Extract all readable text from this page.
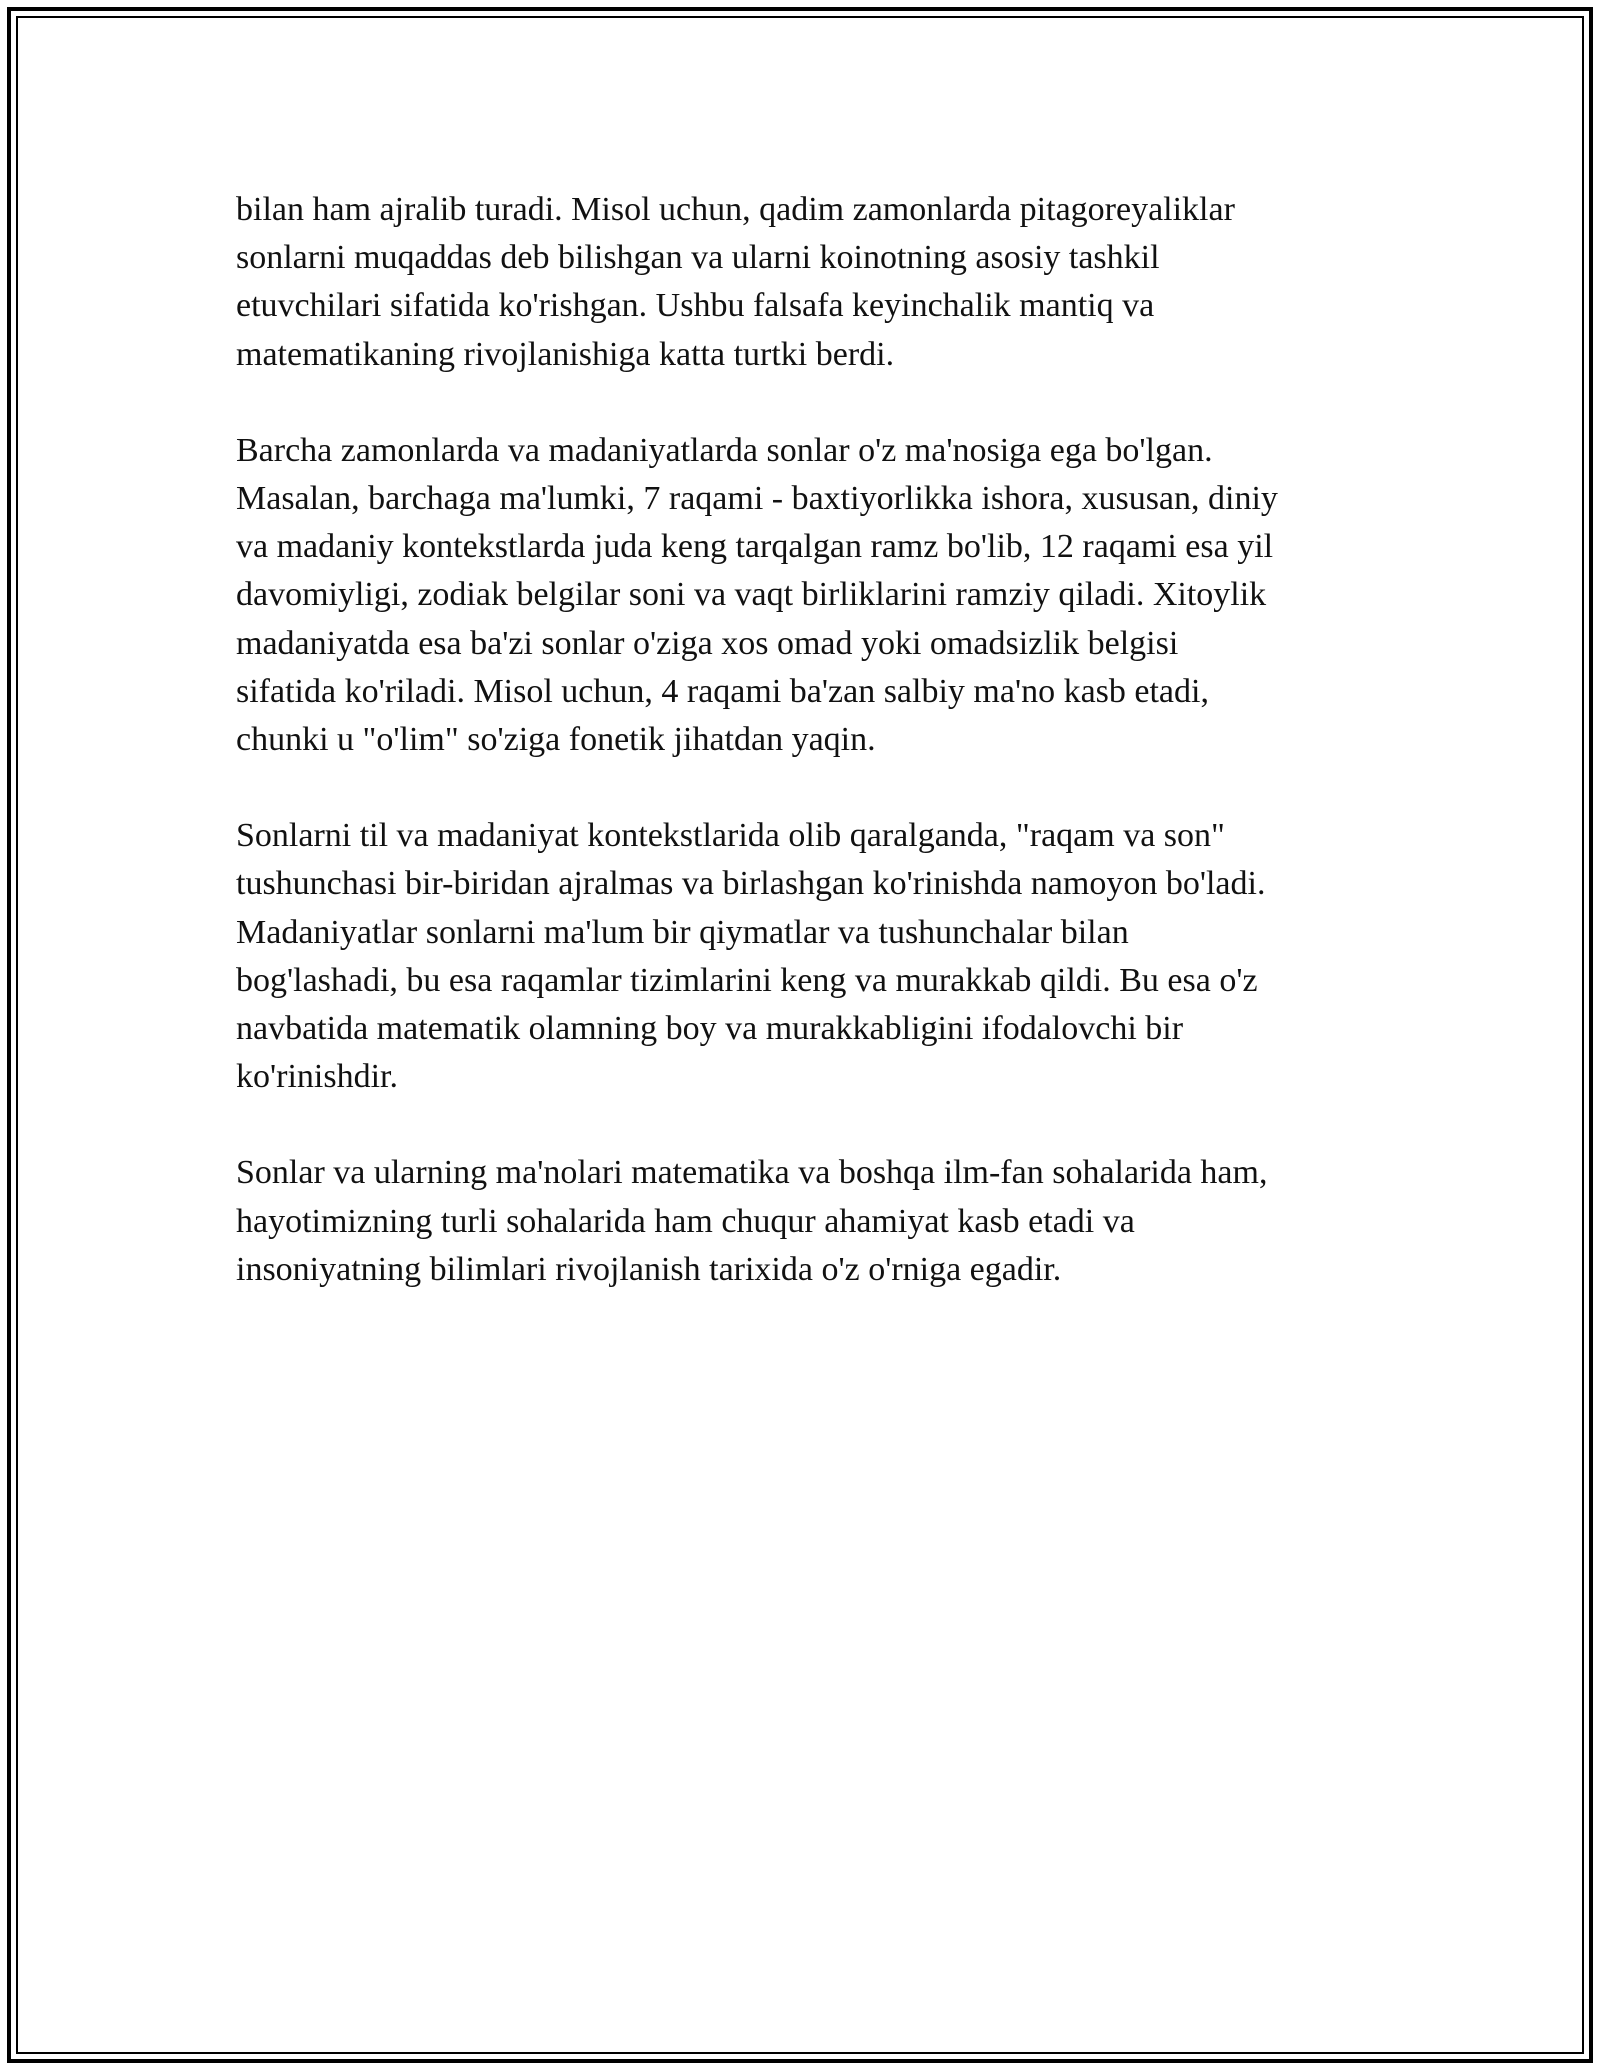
bilan ham ajralib turadi. Misol uchun, qadim zamonlarda pitagoreyaliklar
sonlarni muqaddas deb bilishgan va ularni koinotning asosiy tashkil
etuvchilari sifatida ko'rishgan. Ushbu falsafa keyinchalik mantiq va
matematikaning rivojlanishiga katta turtki berdi.

Barcha zamonlarda va madaniyatlarda sonlar o'z ma'nosiga ega bo'lgan.
Masalan, barchaga ma'lumki, 7 raqami - baxtiyorlikka ishora, xususan, diniy
va madaniy kontekstlarda juda keng tarqalgan ramz bo'lib, 12 raqami esa yil
davomiyligi, zodiak belgilar soni va vaqt birliklarini ramziy qiladi. Xitoylik
madaniyatda esa ba'zi sonlar o'ziga xos omad yoki omadsizlik belgisi
sifatida ko'riladi. Misol uchun, 4 raqami ba'zan salbiy ma'no kasb etadi,
chunki u "o'lim" so'ziga fonetik jihatdan yaqin.

Sonlarni til va madaniyat kontekstlarida olib qaralganda, "raqam va son"
tushunchasi bir-biridan ajralmas va birlashgan ko'rinishda namoyon bo'ladi.
Madaniyatlar sonlarni ma'lum bir qiymatlar va tushunchalar bilan
bog'lashadi, bu esa raqamlar tizimlarini keng va murakkab qildi. Bu esa o'z
navbatida matematik olamning boy va murakkabligini ifodalovchi bir
ko'rinishdir.

Sonlar va ularning ma'nolari matematika va boshqa ilm-fan sohalarida ham,
hayotimizning turli sohalarida ham chuqur ahamiyat kasb etadi va
insoniyatning bilimlari rivojlanish tarixida o'z o'rniga egadir.
